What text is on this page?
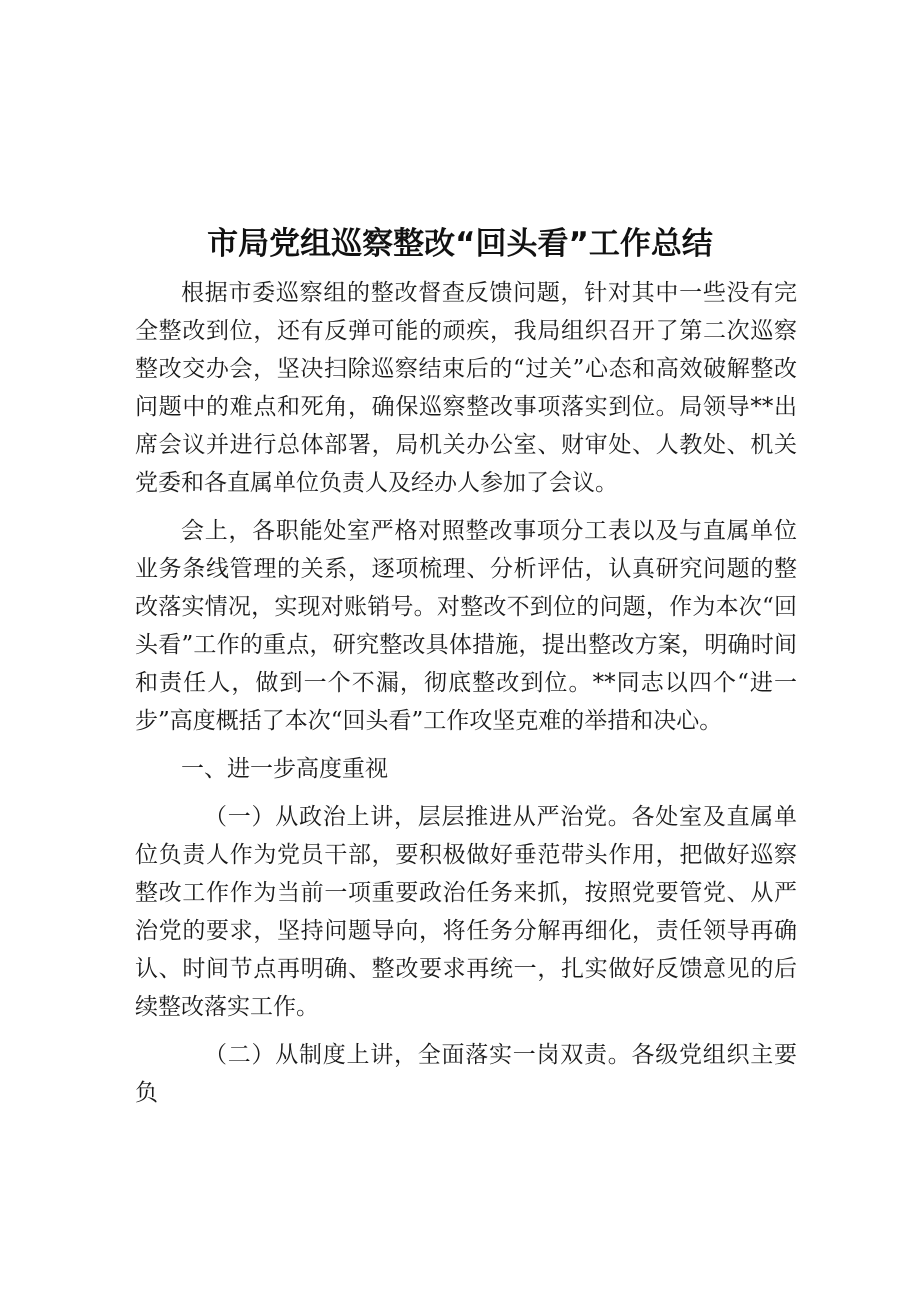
市局党组巡察整改“回头看”工作总结

根据市委巡察组的整改督查反馈问题，针对其中一些没有完全整改到位，还有反弹可能的顽疾，我局组织召开了第二次巡察整改交办会，坚决扫除巡察结束后的“过关”心态和高效破解整改问题中的难点和死角，确保巡察整改事项落实到位。局领导**出席会议并进行总体部署，局机关办公室、财审处、人教处、机关党委和各直属单位负责人及经办人参加了会议。

会上，各职能处室严格对照整改事项分工表以及与直属单位业务条线管理的关系，逐项梳理、分析评估，认真研究问题的整改落实情况，实现对账销号。对整改不到位的问题，作为本次“回头看”工作的重点，研究整改具体措施，提出整改方案，明确时间和责任人，做到一个不漏，彻底整改到位。**同志以四个“进一步”高度概括了本次“回头看”工作攻坚克难的举措和决心。

一、进一步高度重视

（一）从政治上讲，层层推进从严治党。各处室及直属单位负责人作为党员干部，要积极做好垂范带头作用，把做好巡察整改工作作为当前一项重要政治任务来抓，按照党要管党、从严治党的要求，坚持问题导向，将任务分解再细化，责任领导再确认、时间节点再明确、整改要求再统一，扎实做好反馈意见的后续整改落实工作。

（二）从制度上讲，全面落实一岗双责。各级党组织主要负
